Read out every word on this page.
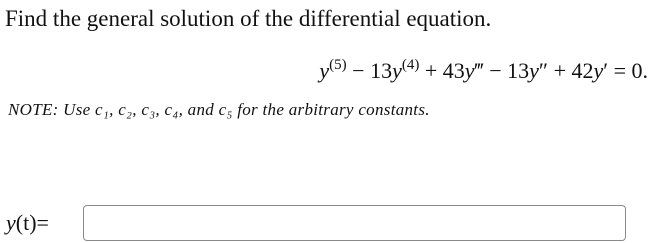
Find the general solution of the differential equation.
$y^{(5)} - 13y^{(4)}$ + 43y‴ − 13y″ + 42y′ = 0.
NOTE: Use c₁, c₂, c₃, c₄, and c₅ for the arbitrary constants.
y (t) =
